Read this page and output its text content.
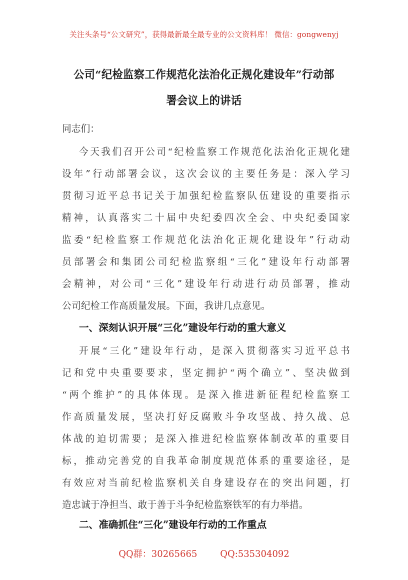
关注头条号“公文研究”，获得最新最全最专业的公文资料库！ 微信：gongwenyj
公司“纪检监察工作规范化法治化正规化建设年”行动部
署会议上的讲话
同志们：
今天我们召开公司“纪检监察工作规范化法治化正规化建
设年”行动部署会议，这次会议的主要任务是：深入学习
贯彻习近平总书记关于加强纪检监察队伍建设的重要指示
精神，认真落实二十届中央纪委四次全会、中央纪委国家
监委“纪检监察工作规范化法治化正规化建设年”行动动
员部署会和集团公司纪检监察组“三化”建设年行动部署
会精神，对公司“三化”建设年行动进行动员部署，推动
公司纪检工作高质量发展。下面，我讲几点意见。
一、深刻认识开展“三化”建设年行动的重大意义
开展“三化”建设年行动，是深入贯彻落实习近平总书
记和党中央重要要求，坚定拥护“两个确立”、坚决做到
“两个维护”的具体体现。是深入推进新征程纪检监察工
作高质量发展，坚决打好反腐败斗争攻坚战、持久战、总
体战的迫切需要；是深入推进纪检监察体制改革的重要目
标，推动完善党的自我革命制度规范体系的重要途径，是
有效应对当前纪检监察机关自身建设存在的突出问题，打
造忠诚于净担当、敢于善于斗争纪检监察铁军的有力举措。
二、准确抓住“三化”建设年行动的工作重点
QQ群：30265665	QQ:535304092
